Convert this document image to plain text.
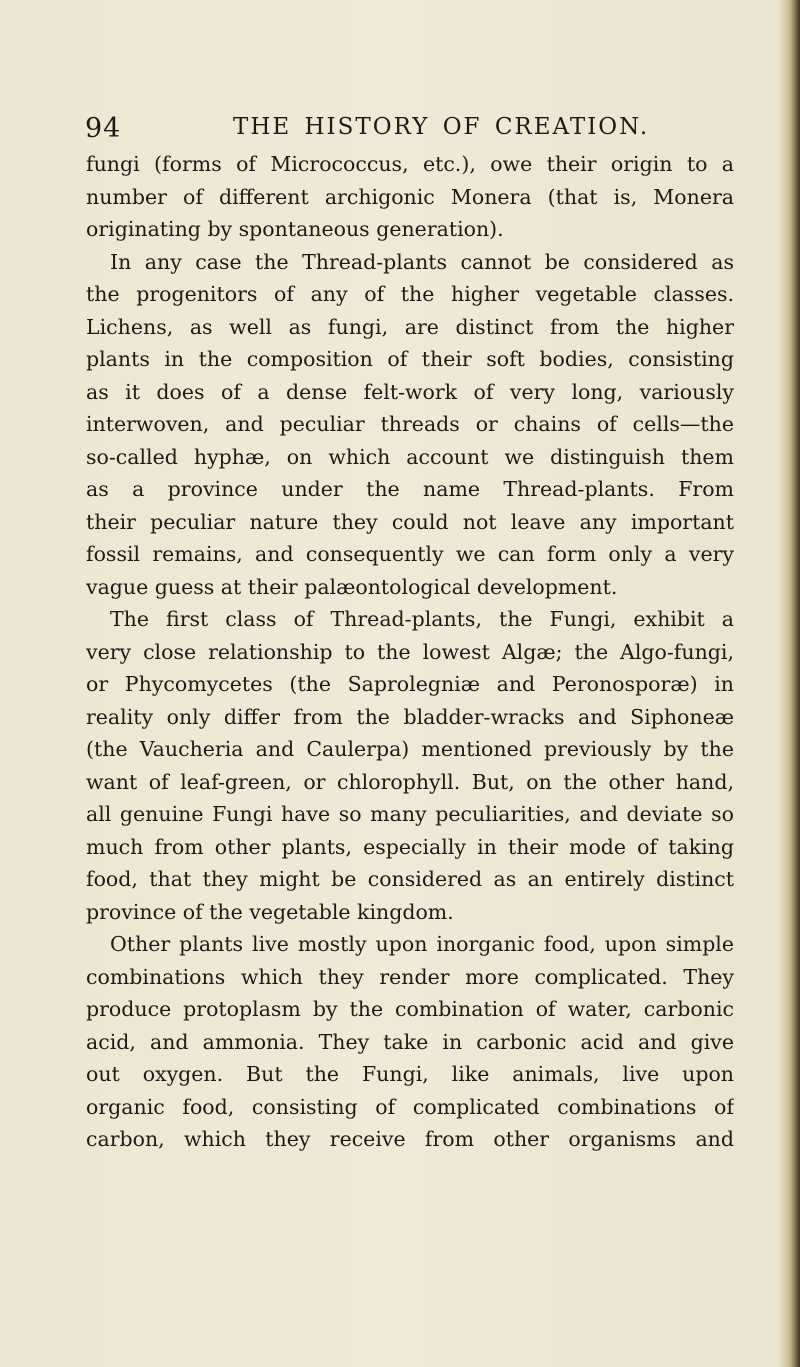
94	THE HISTORY OF CREATION.
fungi (forms of Micrococcus, etc.), owe their origin to a
number of different archigonic Monera (that is, Monera
originating by spontaneous generation).
In any case the Thread-plants cannot be considered as
the progenitors of any of the higher vegetable classes.
Lichens, as well as fungi, are distinct from the higher
plants in the composition of their soft bodies, consisting
as it does of a dense felt-work of very long, variously
interwoven, and peculiar threads or chains of cells—the
so-called hyphæ, on which account we distinguish them
as a province under the name Thread-plants. From
their peculiar nature they could not leave any important
fossil remains, and consequently we can form only a very
vague guess at their palæontological development.
The first class of Thread-plants, the Fungi, exhibit a
very close relationship to the lowest Algæ; the Algo-fungi,
or Phycomycetes (the Saprolegniæ and Peronosporæ) in
reality only differ from the bladder-wracks and Siphoneæ
(the Vaucheria and Caulerpa) mentioned previously by the
want of leaf-green, or chlorophyll. But, on the other hand,
all genuine Fungi have so many peculiarities, and deviate so
much from other plants, especially in their mode of taking
food, that they might be considered as an entirely distinct
province of the vegetable kingdom.
Other plants live mostly upon inorganic food, upon simple
combinations which they render more complicated. They
produce protoplasm by the combination of water, carbonic
acid, and ammonia. They take in carbonic acid and give
out oxygen. But the Fungi, like animals, live upon
organic food, consisting of complicated combinations of
carbon, which they receive from other organisms and
